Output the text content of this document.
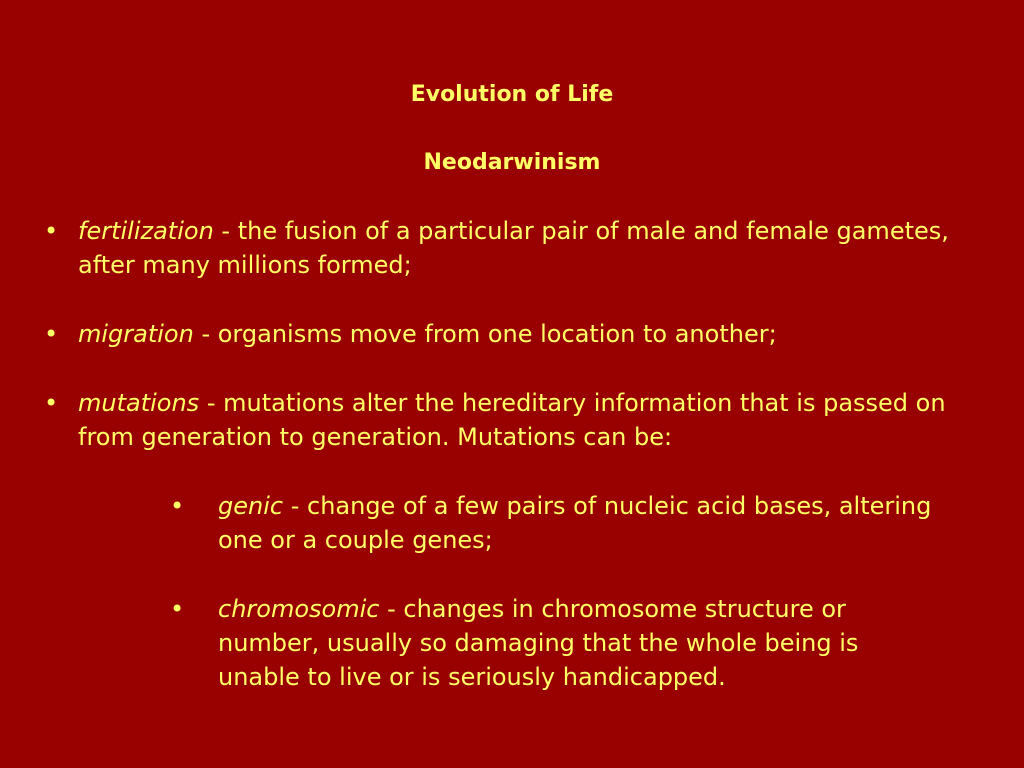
Evolution of Life
Neodarwinism

• fertilization - the fusion of a particular pair of male and female gametes, after many millions formed;

• migration - organisms move from one location to another;

• mutations - mutations alter the hereditary information that is passed on from generation to generation. Mutations can be:

• genic - change of a few pairs of nucleic acid bases, altering one or a couple genes;

• chromosomic - changes in chromosome structure or number, usually so damaging that the whole being is unable to live or is seriously handicapped.
